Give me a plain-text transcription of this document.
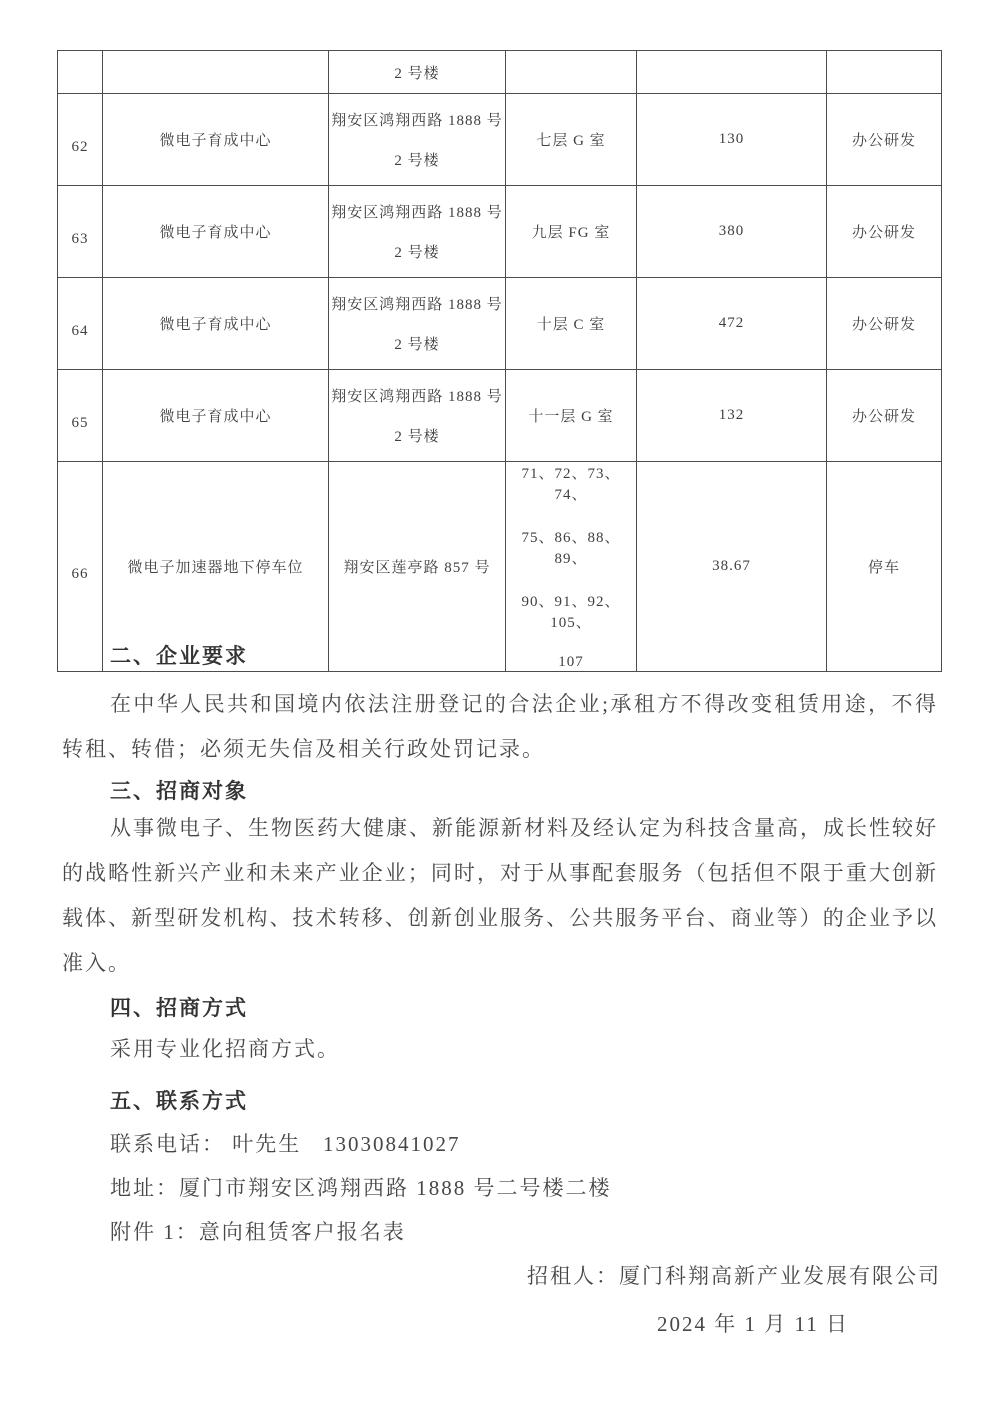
		2 号楼			

62	微电子育成中心	翔安区鸿翔西路 1888 号
2 号楼	七层 G 室	130	办公研发
63	微电子育成中心	翔安区鸿翔西路 1888 号
2 号楼	九层 FG 室	380	办公研发
64	微电子育成中心	翔安区鸿翔西路 1888 号
2 号楼	十层 C 室	472	办公研发
65	微电子育成中心	翔安区鸿翔西路 1888 号
2 号楼	十一层 G 室	132	办公研发
66	微电子加速器地下停车位	翔安区莲亭路 857 号	71、72、73、74、
75、86、88、89、
90、91、92、105、
107	38.67	停车
二、企业要求
在中华人民共和国境内依法注册登记的合法企业;承租方不得改变租赁用途，不得转租、转借；必须无失信及相关行政处罚记录。
三、招商对象
从事微电子、生物医药大健康、新能源新材料及经认定为科技含量高，成长性较好的战略性新兴产业和未来产业企业；同时，对于从事配套服务（包括但不限于重大创新载体、新型研发机构、技术转移、创新创业服务、公共服务平台、商业等）的企业予以准入。
四、招商方式
采用专业化招商方式。
五、联系方式
联系电话： 叶先生   13030841027
地址：厦门市翔安区鸿翔西路 1888 号二号楼二楼
附件 1：意向租赁客户报名表
招租人：厦门科翔高新产业发展有限公司
2024 年 1 月 11 日
